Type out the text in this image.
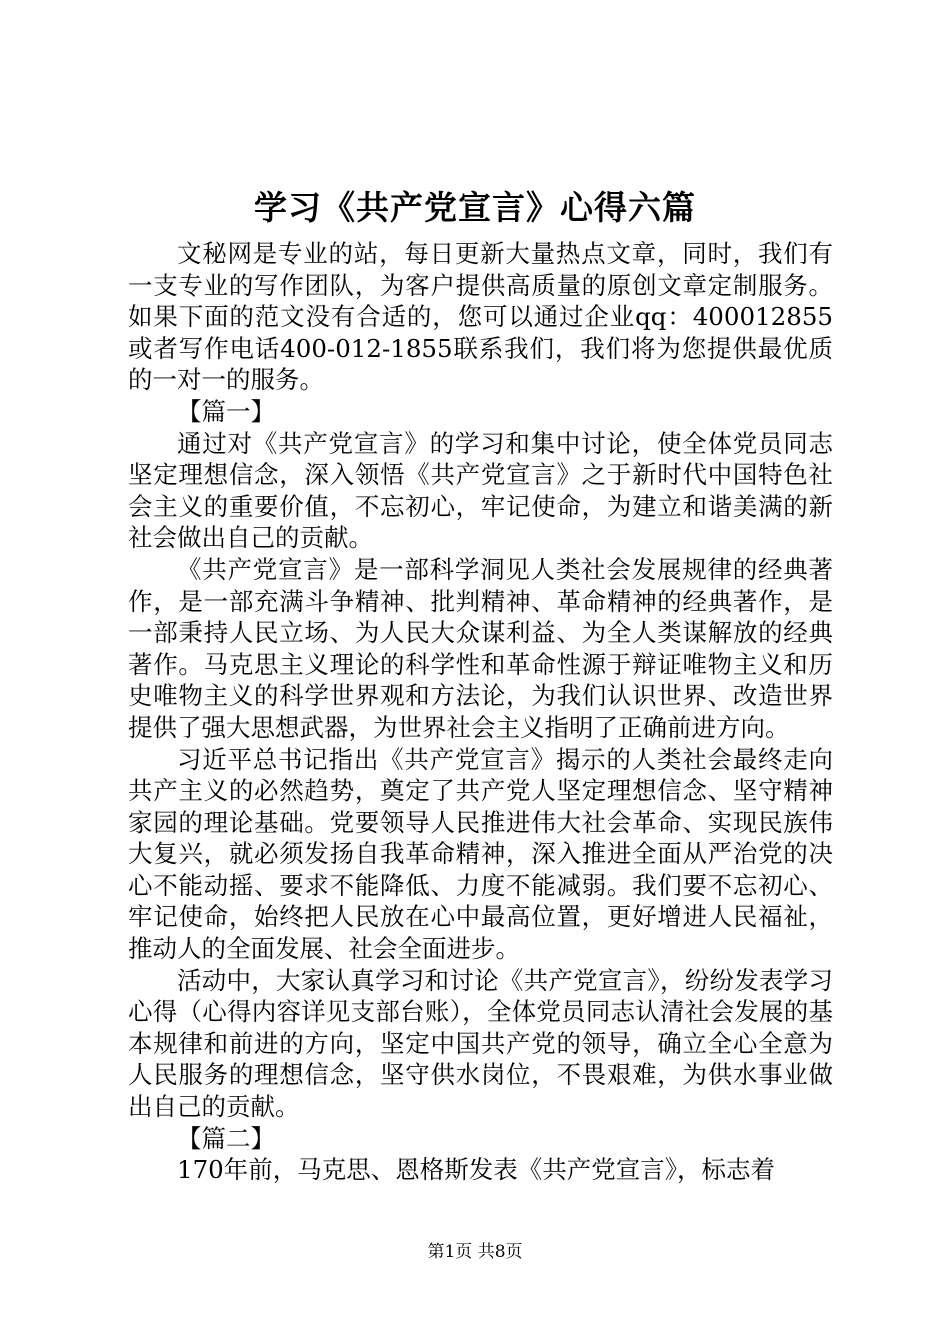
学习《共产党宣言》心得六篇

文秘网是专业的站，每日更新大量热点文章，同时，我们有一支专业的写作团队，为客户提供高质量的原创文章定制服务。如果下面的范文没有合适的，您可以通过企业qq：400012855或者写作电话400-012-1855联系我们，我们将为您提供最优质的一对一的服务。

【篇一】

通过对《共产党宣言》的学习和集中讨论，使全体党员同志坚定理想信念，深入领悟《共产党宣言》之于新时代中国特色社会主义的重要价值，不忘初心，牢记使命，为建立和谐美满的新社会做出自己的贡献。

《共产党宣言》是一部科学洞见人类社会发展规律的经典著作，是一部充满斗争精神、批判精神、革命精神的经典著作，是一部秉持人民立场、为人民大众谋利益、为全人类谋解放的经典著作。马克思主义理论的科学性和革命性源于辩证唯物主义和历史唯物主义的科学世界观和方法论，为我们认识世界、改造世界提供了强大思想武器，为世界社会主义指明了正确前进方向。

习近平总书记指出《共产党宣言》揭示的人类社会最终走向共产主义的必然趋势，奠定了共产党人坚定理想信念、坚守精神家园的理论基础。党要领导人民推进伟大社会革命、实现民族伟大复兴，就必须发扬自我革命精神，深入推进全面从严治党的决心不能动摇、要求不能降低、力度不能减弱。我们要不忘初心、牢记使命，始终把人民放在心中最高位置，更好增进人民福祉，推动人的全面发展、社会全面进步。

活动中，大家认真学习和讨论《共产党宣言》，纷纷发表学习心得（心得内容详见支部台账），全体党员同志认清社会发展的基本规律和前进的方向，坚定中国共产党的领导，确立全心全意为人民服务的理想信念，坚守供水岗位，不畏艰难，为供水事业做出自己的贡献。

【篇二】

170年前，马克思、恩格斯发表《共产党宣言》，标志着

第1页 共8页
